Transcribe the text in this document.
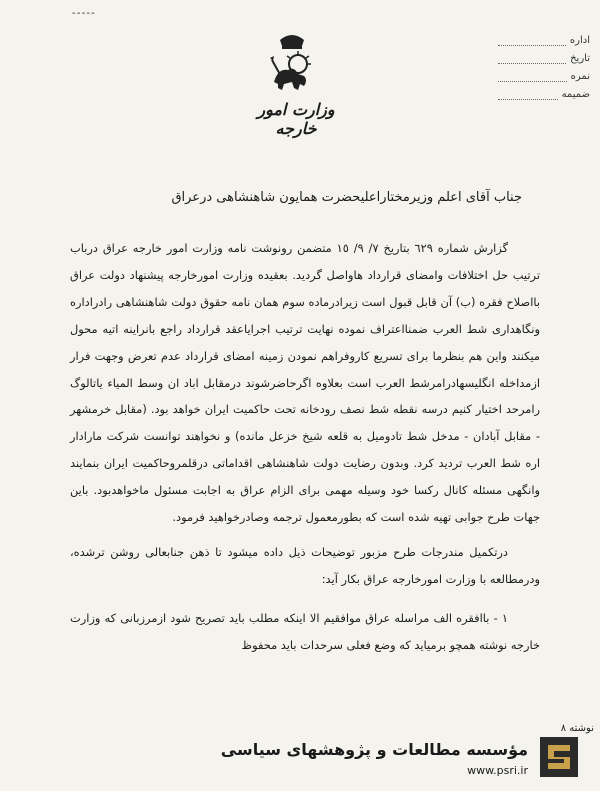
- - - - -
اداره
تاریخ
نمره
ضمیمه
وزارت امور خارجه
جناب آقای اعلم وزیرمختاراعلیحضرت همایون شاهنشاهی درعراق

گزارش شماره ٦٢٩ بتاریخ ٧/ ٩/ ١٥ متضمن رونوشت نامه وزارت امور خارجه عراق درباب ترتیب حل اختلافات وامضای قرارداد هاواصل گردید. بعقیده وزارت امورخارجه پیشنهاد دولت عراق بااصلاح فقره (ب) آن قابل قبول است زیرادرماده سوم همان نامه حقوق دولت شاهنشاهی رادراداره ونگاهداری شط العرب ضمنااعتراف نموده نهایت ترتیب اجرایاعقد قرارداد راجع بانراینه اتیه محول میکنند واین هم بنظرما برای تسریع کاروفراهم نمودن زمینه امضای قرارداد عدم تعرض وجهت فرار ازمداخله انگلیسهادرامرشط العرب است بعلاوه اگرحاضرشوند درمقابل اباد ان وسط المیاء یاتالوگ رامرحد اختیار کنیم درسه نقطه شط نصف رودخانه تحت حاکمیت ایران خواهد بود. (مقابل خرمشهر - مقابل آبادان - مدخل شط تادومیل به قلعه شیخ خزعل مانده) و نخواهند توانست شرکت مارادار اره شط العرب تردید کرد. وبدون رضایت دولت شاهنشاهی اقداماتی درقلمروحاکمیت ایران بنمایند وانگهی مسئله کانال رکسا خود وسیله مهمی برای الزام عراق به اجابت مسئول ماخواهدبود. باین جهات طرح جوابی تهیه شده است که بطورمعمول ترجمه وصادرخواهید فرمود.

درتکمیل مندرجات طرح مزبور توضیحات ذیل داده میشود تا ذهن جنابعالی روشن ترشده، ودرمطالعه با وزارت امورخارجه عراق بکار آید:

١ - باافقره الف مراسله عراق موافقیم الا اینکه مطلب باید تصریح شود ازمرزبانی که وزارت خارجه نوشته همچو برمیاید که وضع فعلی سرحدات باید محفوظ

نوشته ٨
مؤسسه مطالعات و پژوهشهای سیاسی
www.psri.ir
